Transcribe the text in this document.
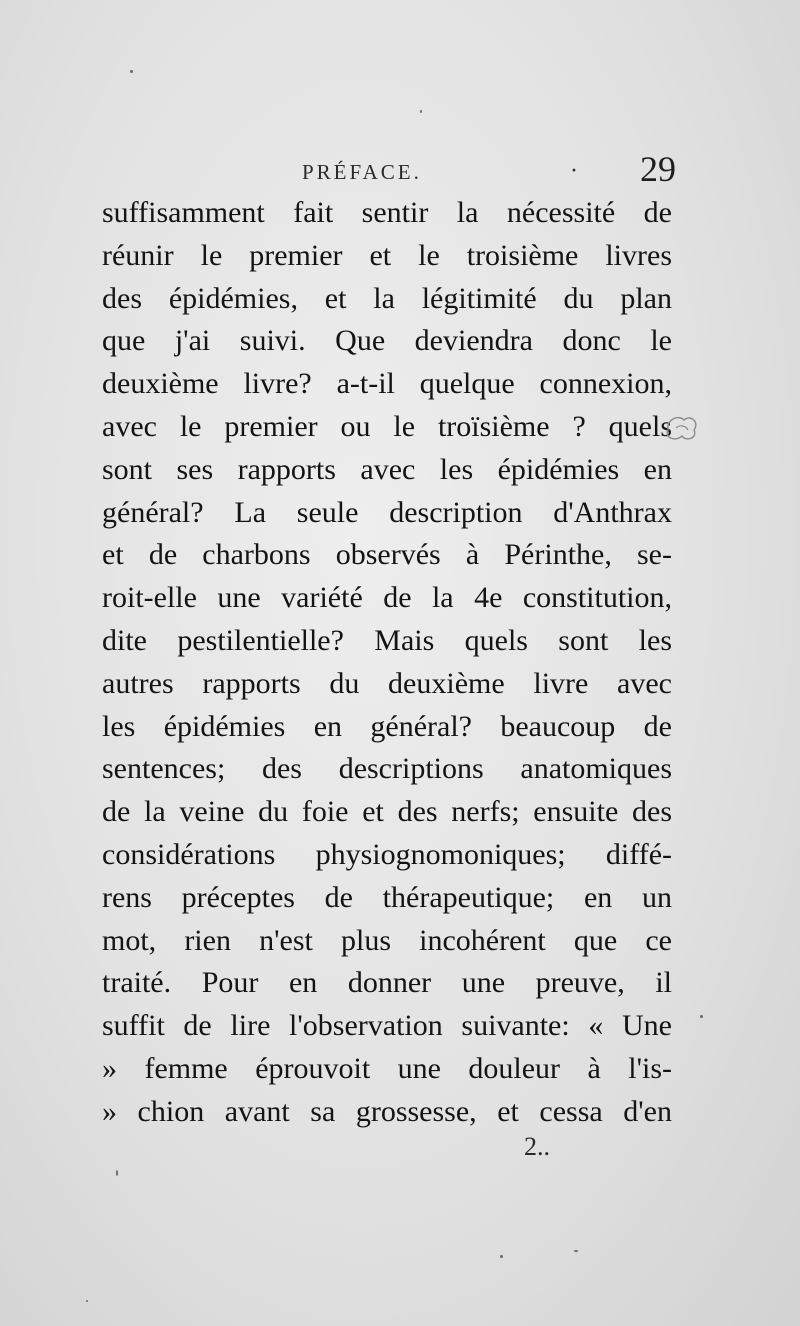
PRÉFACE.	· 29
suffisamment fait sentir la nécessité de
réunir le premier et le troisième livres
des épidémies, et la légitimité du plan
que j'ai suivi. Que deviendra donc le
deuxième livre? a-t-il quelque connexion,
avec le premier ou le troïsième ? quels
sont ses rapports avec les épidémies en
général? La seule description d'Anthrax
et de charbons observés à Périnthe, se-
roit-elle une variété de la 4e constitution,
dite pestilentielle? Mais quels sont les
autres rapports du deuxième livre avec
les épidémies en général? beaucoup de
sentences; des descriptions anatomiques
de la veine du foie et des nerfs; ensuite des
considérations physiognomoniques; diffé-
rens préceptes de thérapeutique; en un
mot, rien n'est plus incohérent que ce
traité. Pour en donner une preuve, il
suffit de lire l'observation suivante: « Une
» femme éprouvoit une douleur à l'is-
» chion avant sa grossesse, et cessa d'en
2..
